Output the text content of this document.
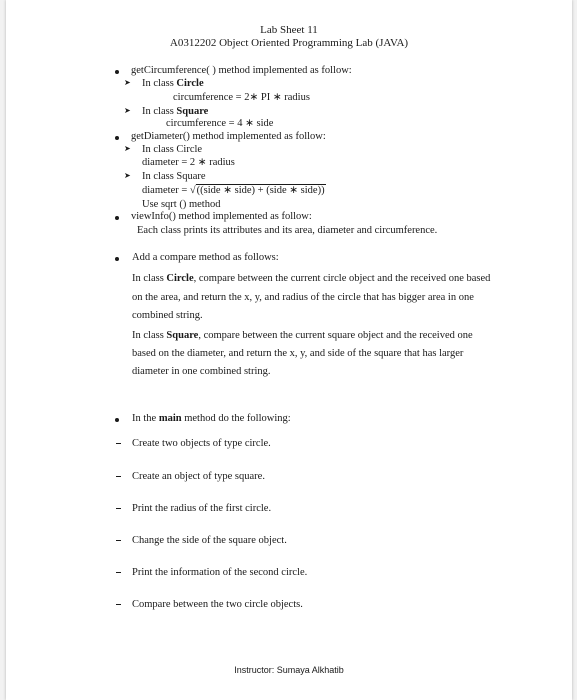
Lab Sheet 11
A0312202 Object Oriented Programming Lab (JAVA)
getCircumference( ) method implemented as follow:
➤ In class Circle
circumference = 2∗ PI ∗ radius
➤ In class Square
circumference = 4 ∗ side
getDiameter() method implemented as follow:
➤ In class Circle
diameter = 2 ∗ radius
➤ In class Square
diameter = √((side ∗ side) + (side ∗ side))
Use sqrt () method
viewInfo() method implemented as follow:
Each class prints its attributes and its area, diameter and circumference.
Add a compare method as follows:
In class Circle, compare between the current circle object and the received one based
on the area, and return the x, y, and radius of the circle that has bigger area in one
combined string.
In class Square, compare between the current square object and the received one
based on the diameter, and return the x, y, and side of the square that has larger
diameter in one combined string.
In the main method do the following:
Create two objects of type circle.
Create an object of type square.
Print the radius of the first circle.
Change the side of the square object.
Print the information of the second circle.
Compare between the two circle objects.
Instructor: Sumaya Alkhatib
